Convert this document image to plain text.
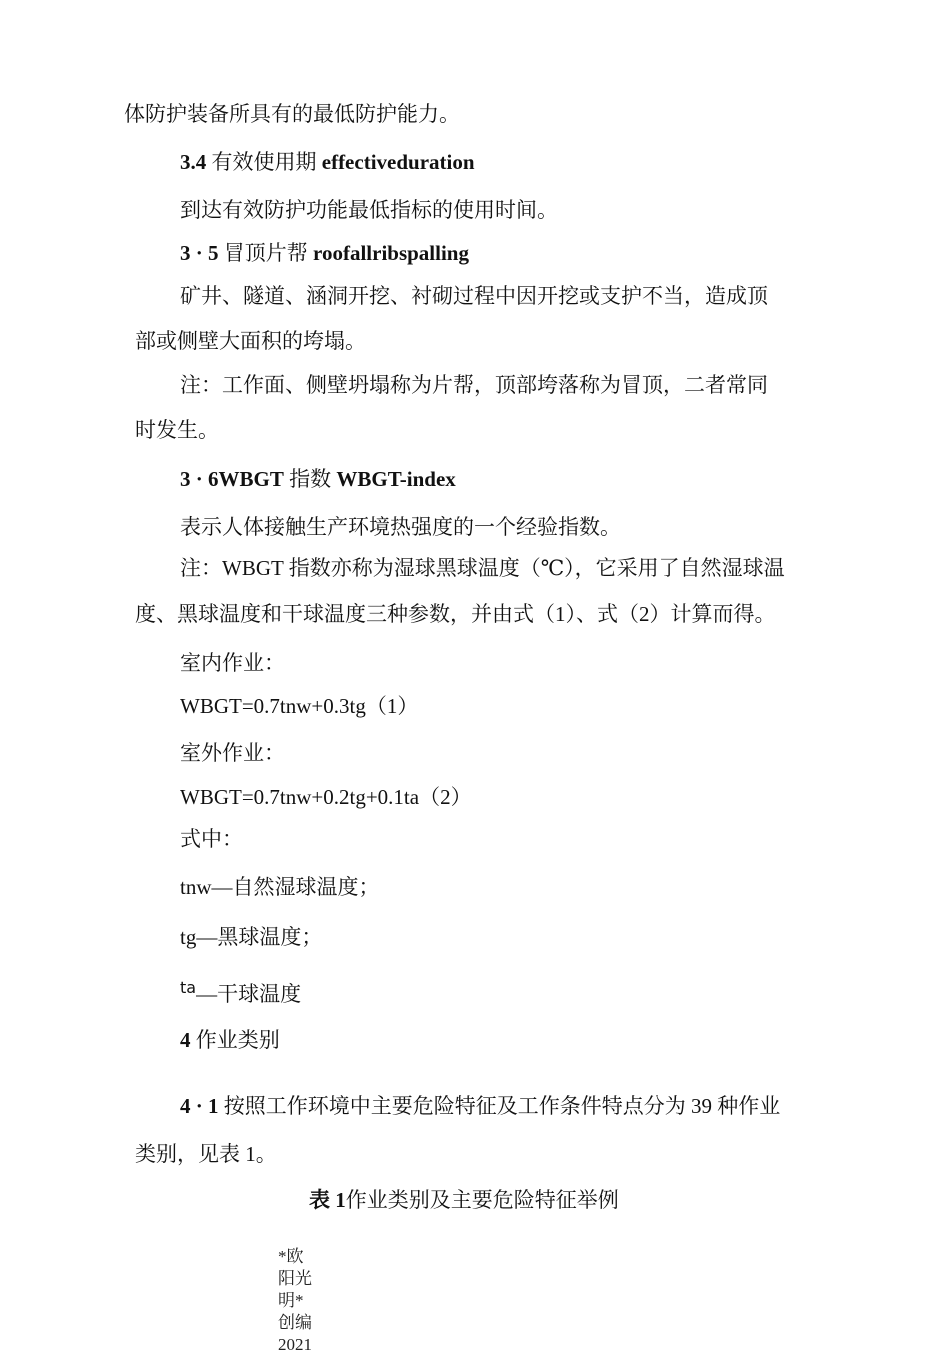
体防护装备所具有的最低防护能力。
3.4 有效使用期 effectiveduration
到达有效防护功能最低指标的使用时间。
3 · 5 冒顶片帮 roofallribspalling
矿井、隧道、涵洞开挖、衬砌过程中因开挖或支护不当，造成顶
部或侧壁大面积的垮塌。
注：工作面、侧壁坍塌称为片帮，顶部垮落称为冒顶，二者常同
时发生。
3 · 6WBGT 指数 WBGT-index
表示人体接触生产环境热强度的一个经验指数。
注：WBGT 指数亦称为湿球黑球温度（℃），它采用了自然湿球温
度、黑球温度和干球温度三种参数，并由式（1）、式（2）计算而得。
室内作业：
WBGT=0.7tnw+0.3tg（1）
室外作业：
WBGT=0.7tnw+0.2tg+0.1ta（2）
式中：
tnw—自然湿球温度；
tg—黑球温度；
$^{ta}$—干球温度
4 作业类别
4 · 1 按照工作环境中主要危险特征及工作条件特点分为 39 种作业
类别，见表 1。
表 1作业类别及主要危险特征举例
*欧阳光明*创编2021
